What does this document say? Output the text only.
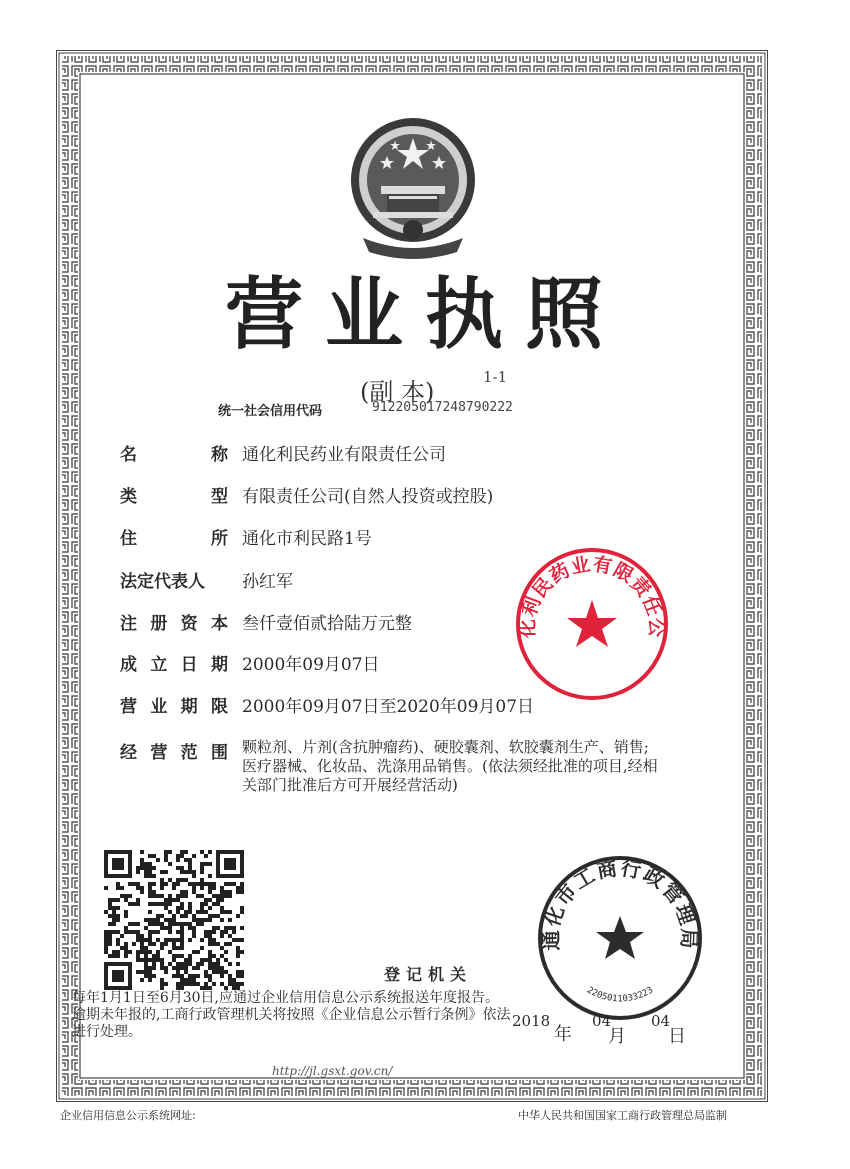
营业执照
(副 本)
1-1
统一社会信用代码	912205017248790222
名	称 通化利民药业有限责任公司
类	型 有限责任公司(自然人投资或控股)
住	所 通化市利民路1号
法定代表人 孙红军
注 册 资 本 叁仟壹佰贰拾陆万元整
成 立 日 期 2000年09月07日
营 业 期 限 2000年09月07日至2020年09月07日
经 营 范 围 颗粒剂、片剂(含抗肿瘤药)、硬胶囊剂、软胶囊剂生产、销售;医疗器械、化妆品、洗涤用品销售。(依法须经批准的项目,经相关部门批准后方可开展经营活动)
化利民药业有限责任公
登记机关
通化市工商行政管理局
2205011033223
每年1月1日至6月30日,应通过企业信用信息公示系统报送年度报告。逾期未年报的,工商行政管理机关将按照《企业信息公示暂行条例》依法进行处理。
2018
年
04
月
04
日
http://jl.gsxt.gov.cn/
企业信用信息公示系统网址:	中华人民共和国国家工商行政管理总局监制
